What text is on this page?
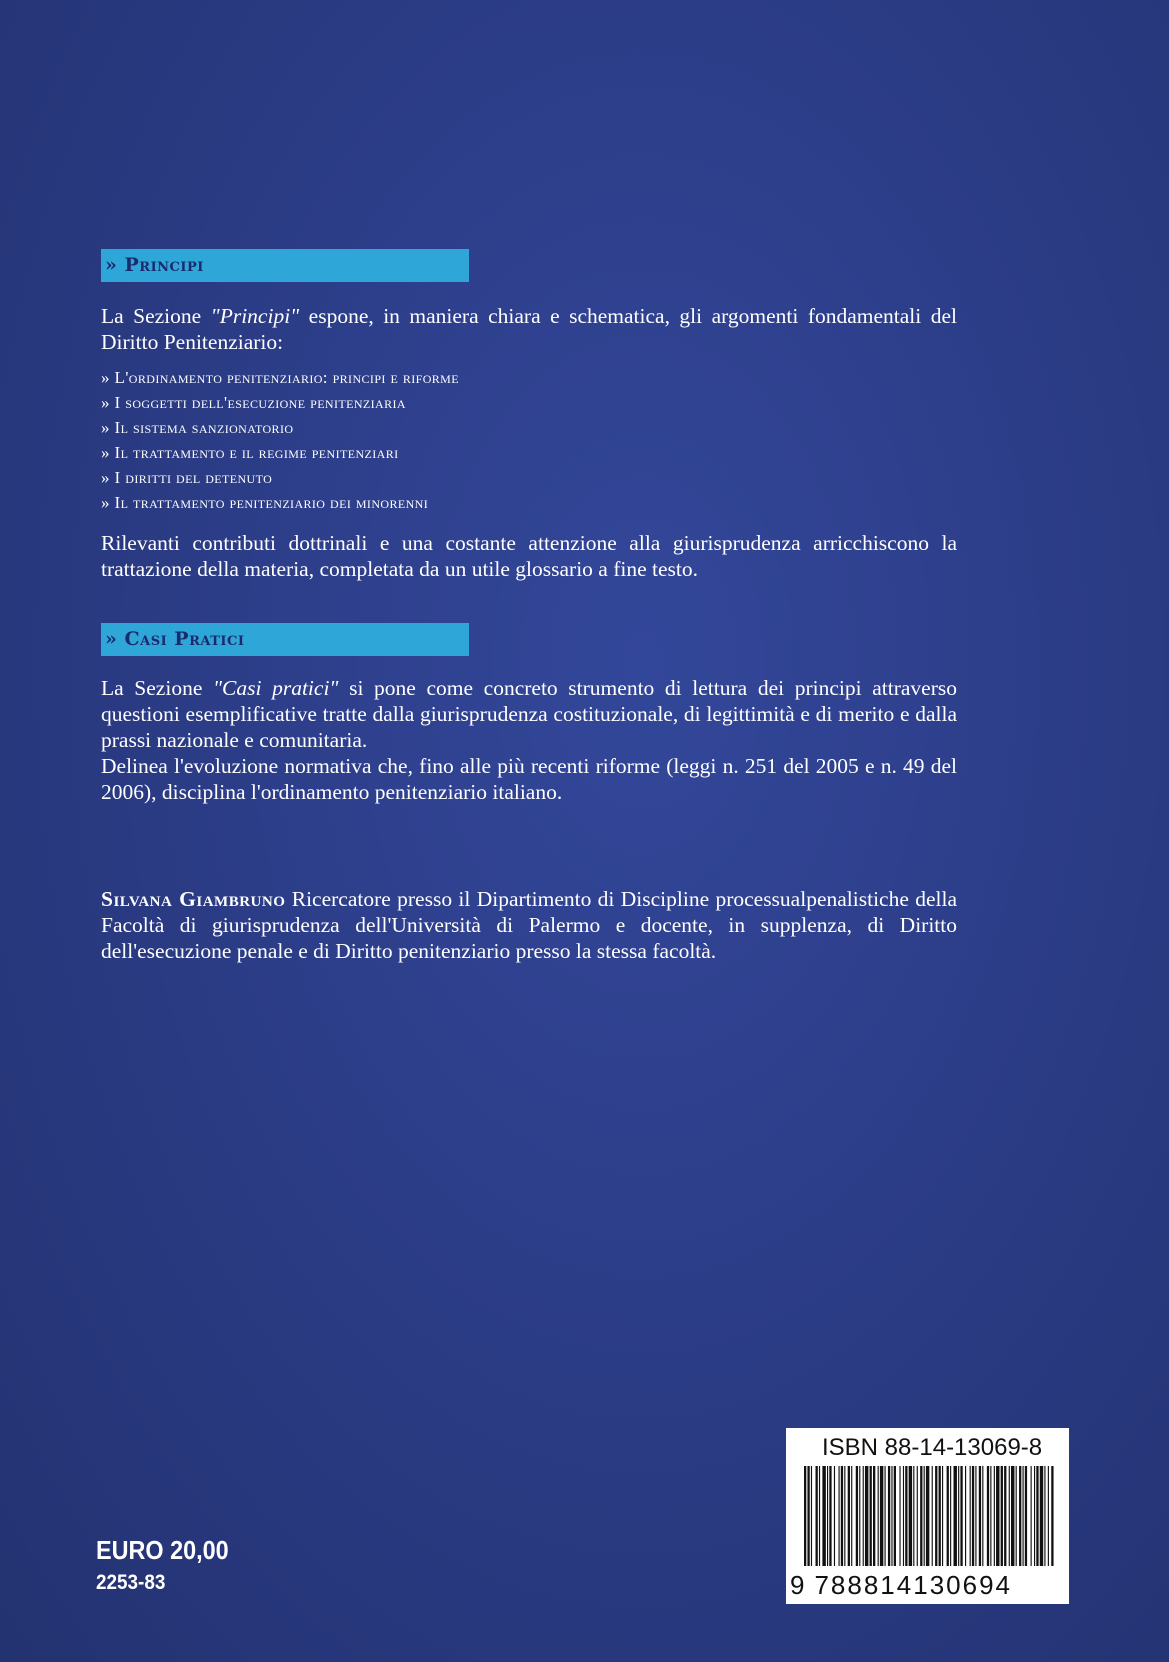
» Principi
La Sezione "Principi" espone, in maniera chiara e schematica, gli argomenti fondamentali del Diritto Penitenziario:
» L'ordinamento penitenziario: principi e riforme
» I soggetti dell'esecuzione penitenziaria
» Il sistema sanzionatorio
» Il trattamento e il regime penitenziari
» I diritti del detenuto
» Il trattamento penitenziario dei minorenni
Rilevanti contributi dottrinali e una costante attenzione alla giurisprudenza arricchiscono la trattazione della materia, completata da un utile glossario a fine testo.
» Casi Pratici
La Sezione "Casi pratici" si pone come concreto strumento di lettura dei principi attraverso questioni esemplificative tratte dalla giurisprudenza costituzionale, di legittimità e di merito e dalla prassi nazionale e comunitaria.
Delinea l'evoluzione normativa che, fino alle più recenti riforme (leggi n. 251 del 2005 e n. 49 del 2006), disciplina l'ordinamento penitenziario italiano.
Silvana Giambruno Ricercatore presso il Dipartimento di Discipline processualpenalistiche della Facoltà di giurisprudenza dell'Università di Palermo e docente, in supplenza, di Diritto dell'esecuzione penale e di Diritto penitenziario presso la stessa facoltà.
EURO 20,00
2253-83
ISBN 88-14-13069-8
9 788814130694
